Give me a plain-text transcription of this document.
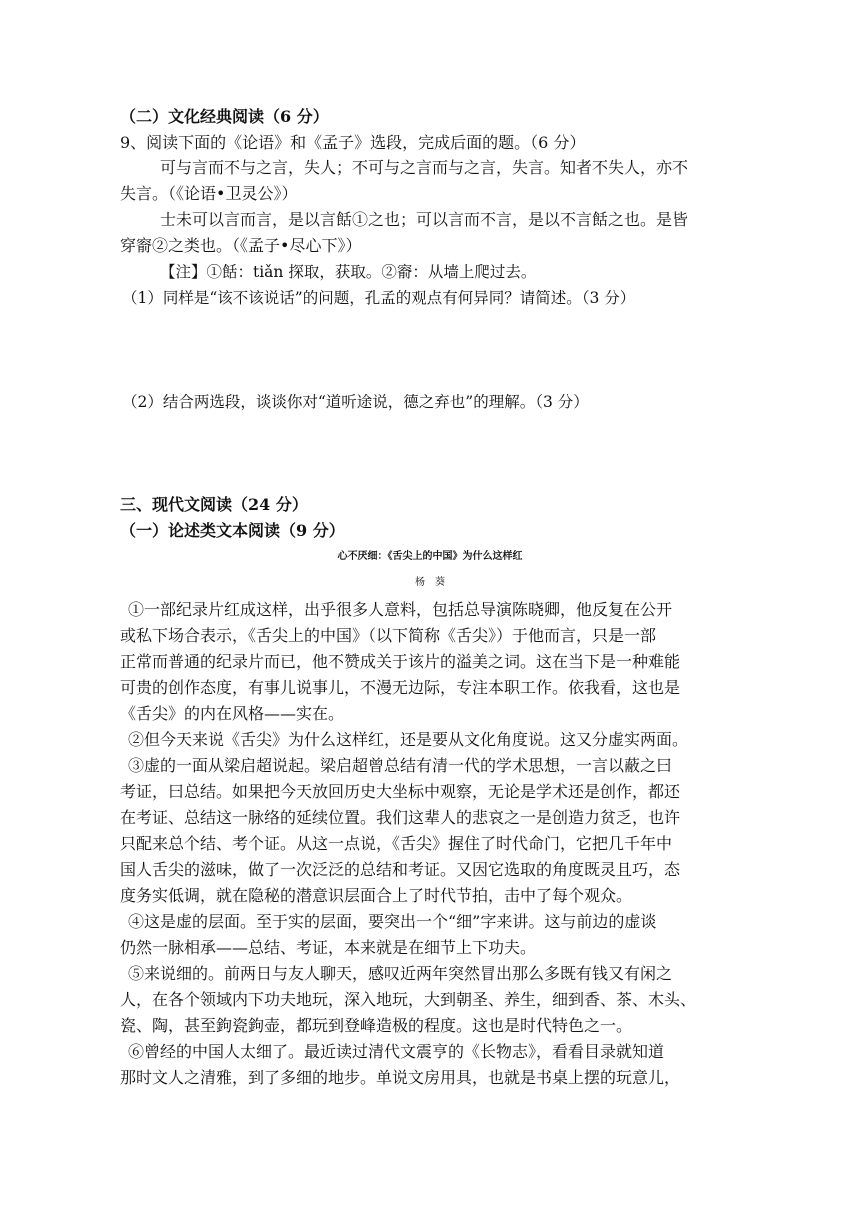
（二）文化经典阅读（6 分）
9、阅读下面的《论语》和《孟子》选段，完成后面的题。（6 分）
可与言而不与之言，失人；不可与之言而与之言，失言。知者不失人，亦不
失言。（《论语•卫灵公》）
士未可以言而言，是以言餂①之也；可以言而不言，是以不言餂之也。是皆
穿窬②之类也。（《孟子•尽心下》）
【注】①餂：tiǎn 探取，获取。②窬：从墙上爬过去。
（1）同样是“该不该说话”的问题，孔孟的观点有何异同？请简述。（3 分）
（2）结合两选段，谈谈你对“道听途说，德之弃也”的理解。（3 分）
三、现代文阅读（24 分）
（一）论述类文本阅读（9 分）
心不厌细：《舌尖上的中国》为什么这样红
杨　葵
①一部纪录片红成这样，出乎很多人意料，包括总导演陈晓卿，他反复在公开
或私下场合表示，《舌尖上的中国》（以下简称《舌尖》）于他而言，只是一部
正常而普通的纪录片而已，他不赞成关于该片的溢美之词。这在当下是一种难能
可贵的创作态度，有事儿说事儿，不漫无边际，专注本职工作。依我看，这也是
《舌尖》的内在风格——实在。
②但今天来说《舌尖》为什么这样红，还是要从文化角度说。这又分虚实两面。
③虚的一面从梁启超说起。梁启超曾总结有清一代的学术思想，一言以蔽之曰
考证，曰总结。如果把今天放回历史大坐标中观察，无论是学术还是创作，都还
在考证、总结这一脉络的延续位置。我们这辈人的悲哀之一是创造力贫乏，也许
只配来总个结、考个证。从这一点说，《舌尖》握住了时代命门，它把几千年中
国人舌尖的滋味，做了一次泛泛的总结和考证。又因它选取的角度既灵且巧，态
度务实低调，就在隐秘的潜意识层面合上了时代节拍，击中了每个观众。
④这是虚的层面。至于实的层面，要突出一个“细”字来讲。这与前边的虚谈
仍然一脉相承——总结、考证，本来就是在细节上下功夫。
⑤来说细的。前两日与友人聊天，感叹近两年突然冒出那么多既有钱又有闲之
人，在各个领域内下功夫地玩，深入地玩，大到朝圣、养生，细到香、茶、木头、
瓷、陶，甚至鉤瓷鉤壶，都玩到登峰造极的程度。这也是时代特色之一。
⑥曾经的中国人太细了。最近读过清代文震亨的《长物志》，看看目录就知道
那时文人之清雅，到了多细的地步。单说文房用具，也就是书桌上摆的玩意儿，
